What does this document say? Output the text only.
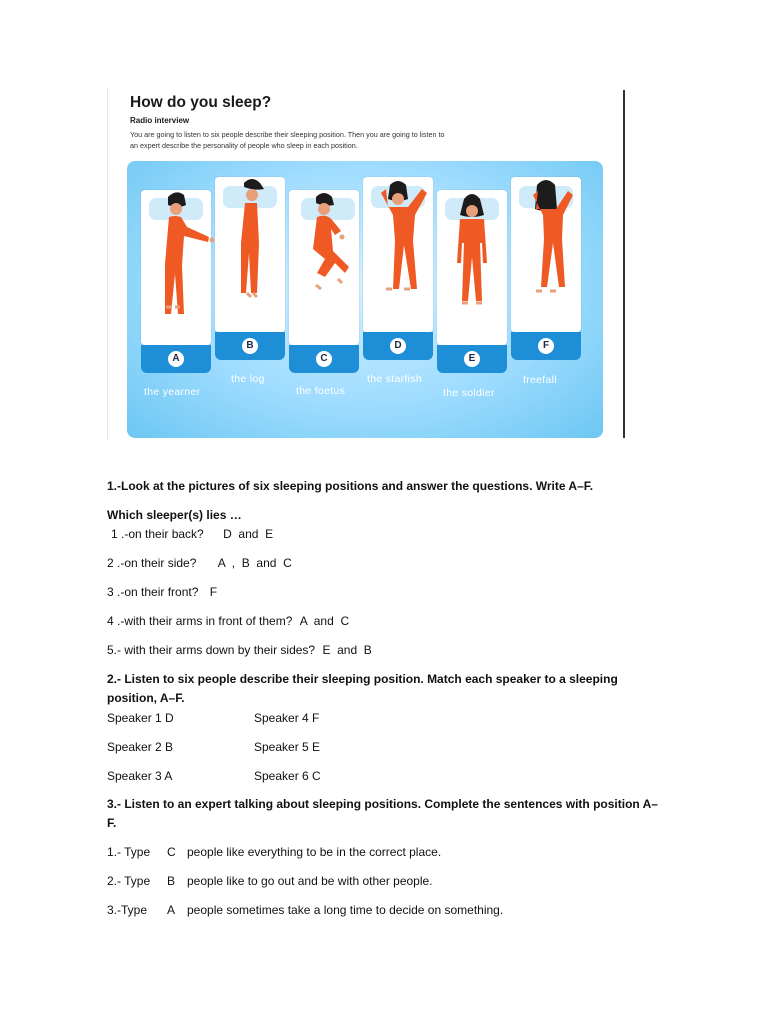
How do you sleep?
Radio interview
You are going to listen to six people describe their sleeping position. Then you are going to listen to an expert describe the personality of people who sleep in each position.
A
B
C
D
E
F
the yearner
the log
the foetus
the starfish
the soldier
freefall
1.-Look at the pictures of six sleeping positions and answer the questions. Write A–F.
Which sleeper(s) lies …
1 .-on their back? D  and  E
2 .-on their side? A  ,  B  and  C
3 .-on their front? F
4 .-with their arms in front of them? A  and  C
5.- with their arms down by their sides? E  and  B
2.- Listen to six people describe their sleeping position. Match each speaker to a sleeping
position, A–F.
Speaker 1 D	Speaker 4 F
Speaker 2 B	Speaker 5 E
Speaker 3 A	Speaker 6 C
3.- Listen to an expert talking about sleeping positions. Complete the sentences with position A–
F.
1.- Type C people like everything to be in the correct place.
2.- Type B people like to go out and be with other people.
3.-Type A people sometimes take a long time to decide on something.
